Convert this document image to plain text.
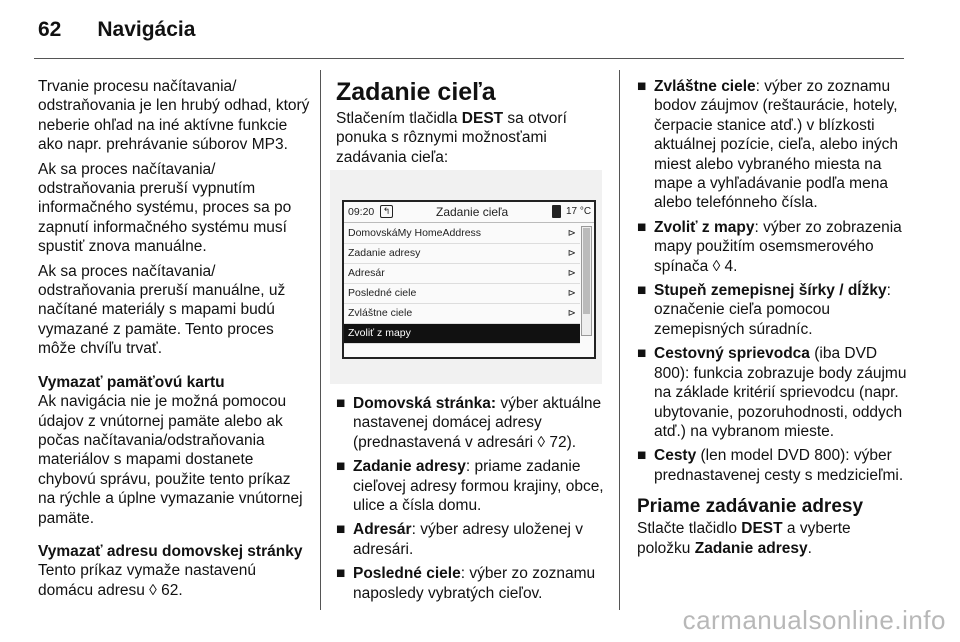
62 Navigácia

Trvanie procesu načítavania/ odstraňovania je len hrubý odhad, ktorý neberie ohľad na iné aktívne funkcie ako napr. prehrávanie súborov MP3.

Ak sa proces načítavania/ odstraňovania preruší vypnutím informačného systému, proces sa po zapnutí informačného systému musí spustiť znova manuálne.

Ak sa proces načítavania/ odstraňovania preruší manuálne, už načítané materiály s mapami budú vymazané z pamäte. Tento proces môže chvíľu trvať.

Vymazať pamäťovú kartu

Ak navigácia nie je možná pomocou údajov z vnútornej pamäte alebo ak počas načítavania/odstraňovania materiálov s mapami dostanete chybovú správu, použite tento príkaz na rýchle a úplne vymazanie vnútornej pamäte.

Vymazať adresu domovskej stránky

Tento príkaz vymaže nastavenú domácu adresu ◊ 62.

Zadanie cieľa

Stlačením tlačidla DEST sa otvorí ponuka s rôznymi možnosťami zadávania cieľa:

09:20 ↰	Zadanie cieľa	17 °C
DomovskáMy HomeAddress	⊳
Zadanie adresy	⊳
Adresár	⊳
Posledné ciele	⊳
Zvláštne ciele	⊳
Zvoliť z mapy
■ Domovská stránka: výber aktuálne nastavenej domácej adresy (prednastavená v adresári ◊ 72).
■ Zadanie adresy: priame zadanie cieľovej adresy formou krajiny, obce, ulice a čísla domu.
■ Adresár: výber adresy uloženej v adresári.
■ Posledné ciele: výber zo zoznamu naposledy vybratých cieľov.
■ Zvláštne ciele: výber zo zoznamu bodov záujmov (reštaurácie, hotely, čerpacie stanice atď.) v blízkosti aktuálnej pozície, cieľa, alebo iných miest alebo vybraného miesta na mape a vyhľadávanie podľa mena alebo telefónneho čísla.
■ Zvoliť z mapy: výber zo zobrazenia mapy použitím osemsmerového spínača ◊ 4.
■ Stupeň zemepisnej šírky / dĺžky: označenie cieľa pomocou zemepisných súradníc.
■ Cestovný sprievodca (iba DVD 800): funkcia zobrazuje body záujmu na základe kritérií sprievodcu (napr. ubytovanie, pozoruhodnosti, oddych atď.) na vybranom mieste.
■ Cesty (len model DVD 800): výber prednastavenej cesty s medzicieľmi.
Priame zadávanie adresy

Stlačte tlačidlo DEST a vyberte položku Zadanie adresy.

carmanualsonline.info
